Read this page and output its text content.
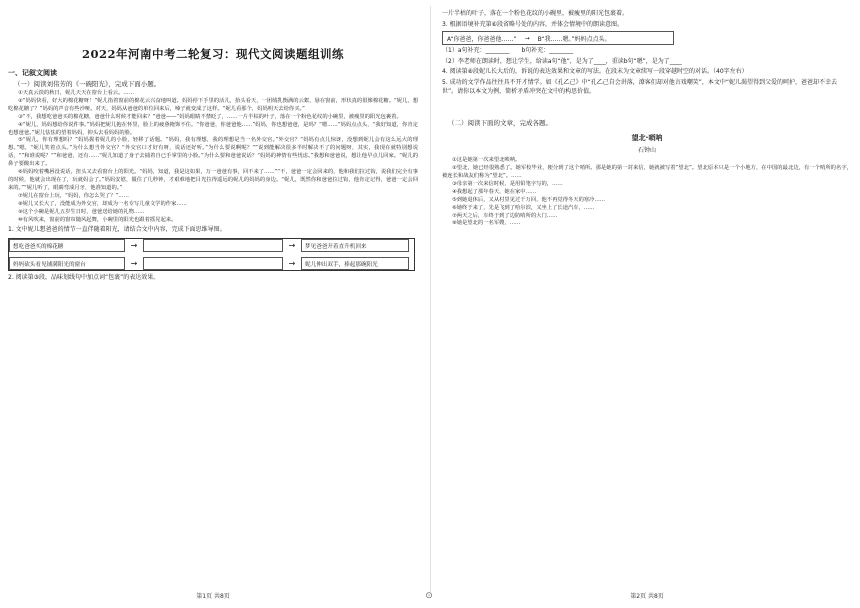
⊙
2022年河南中考二轮复习：现代文阅读题组训练
一、记叙文阅读
（一）阅读刘伟芳的《一碗阳光》，完成下面小题。

①天真云淡的秋日，妮儿天天在窗台上看云。……

②“妈妈快看，好大的棉花糖呀！”妮儿指着窗前的棉花云兴奋地叫道。妈妈停下手里的活儿，抬头看天，一团绒乳衡满的云絮，悬在窗前，形状真的很像棉花糖。“妮儿，想吃棉花糖了？”妈妈的声音有些沙哑。对天，妈妈从爸爸的单位回来后，嗓子就变成了这样。“妮儿看那个，妈妈明天去给你买。”

③“不，我想吃爸爸买的棉花糖，爸爸什么时候才能回来？”爸爸——“妈妈眼睛不禁眨了，……一片半枯的叶子，落在一个粉色花纹的小碗里，被瘦里的阳光包裹着。

④“妮儿，妈妈想给你说件事。”妈妈把妮儿抱在怀里，脸上的疲惫掩饰不住。“你爸爸，你爸爸他……”妈妈，你也想爸爸，是吗？“嗯……”妈妈点点头，“我好知道，你肯定也想爸爸。”妮儿怯怯的望着妈妈，抑头去看妈妈的脸。

⑤“妮儿，你有理想吗？”妈妈握着妮儿的小脸，轻移了话题。“妈妈，我有理想，我的理想是当一名外交官。”外交官？“妈妈有点儿惊讶，没想到妮儿会有这么远大的理想。”嗯，“妮儿笑着点头。”为什么想当外交官？“外交官口才好有呀，说话还好听。”为什么要说啊呢？“”说到能解决很多半时解决不了的问题呀，其实，我现在就特别想说话，“”和谁说呢？“”和爸爸，还有……“妮儿知道了身子去捕着自已手掌里的小脸。”为什么要和爸爸说话？“妈妈的神情有些忧虑。”我想和爸爸说，想让他早点儿回家。“妮儿的鼻子要酸出来了。

⑥妈妈咬着嘴唇没说话，扭头又去看窗台上的阳光。“妈妈，知道，我是这如果，万一爸爸有事，回不来了……”“不，爸爸一定会回来的，他和我们拉过钩，说我们完全有事的时候，他就会出现在了，玩就妈会了。”妈妈安慰，僵住了几秒钟，才艰难地把目光拉得遥远的妮儿的妈妈的身边。“妮儿，既然你和爸爸拉过钩，他肯定记得，爸爸一定会回来的。”“妮儿听了，眼睛弯成月牙，他准知道的。”

⑦妮儿在窗台上玩，“妈妈，你怎么哭了？”……

⑧妮儿又长大了，没能成为外交官，却成为一名专写儿童文学的作家……

⑨这个小碗是妮儿五岁生日时，爸爸送给她的礼物……

⑩有风吹来，窗前的窗帘随风起舞，小碗里的阳光也跟着摇晃起来。

1. 文中妮儿想爸爸的情节一直伴随着阳光，请结合文中内容，完成下面思维导图。
想吃爸爸买的棉花糖	→	→	梦见爸爸开着直升机回来
妈妈砍头看见铺满阳光的窗台	→	→	妮儿伸出双手，捧起那碗阳光
2. 阅读第③段，品味划线句中加点词“包裹”的表达效果。
第1页 共8页
一片半枯的叶子，落在一个粉色花纹的小碗里，被瘦里的阳光包裹着。
3. 根据语境补充第⑥段省略号处的内容，并体会情境中的朗读意图。
A“你爸爸，你爸爸他……”	→	B“我……嗯。”妈妈点点头。
（1）a句补充：________　　b句补充：________
（2）李老师在朗读时，想让学生，给读a句“他”，是为了____，重读b句“嗯”，是为了____
4. 阅读第⑧段妮儿长大后的，诉说的表达效果和文章的写法。在段末为文章续写一段穿越时空的对话。（40字左右）
5. 成功的文学作品往往具不开才情学。如《孔乙己》中“孔乙己自会讲落，潦客们却对他言戏嘲笑”，本文中“妮儿渴望得到父爱的呵护，爸爸却不幸去世”。请你以本文为例，简析矛盾冲突在文中的构思价值。
（二）阅读下面的文章，完成各题。
望北·唢呐
石钟山

①这是她第一次来望北唢呐。

②望北，她已经很熟悉了。她军校毕业，便分到了这个哨所。那是她的第一封来信，她就被写着“望北”。望北原本只是一个小地方，在中国的最北边，有一个哨所的名字，被连长和战友们称为“望北”。……

③母亲第一次来信时候，是用铅笔字写的，……

④我想起了那年春天，她在家中……

⑤到她退休后，又从村里见过千万回，他不再觉得冬天的寒冷……

⑥她终于来了，先是飞到了哈尔滨，又坐上了长途汽车，……

⑦两天之后，车终于到了边防哨所的大门……

⑧她是望北的一名军嫂，……

第2页 共8页
